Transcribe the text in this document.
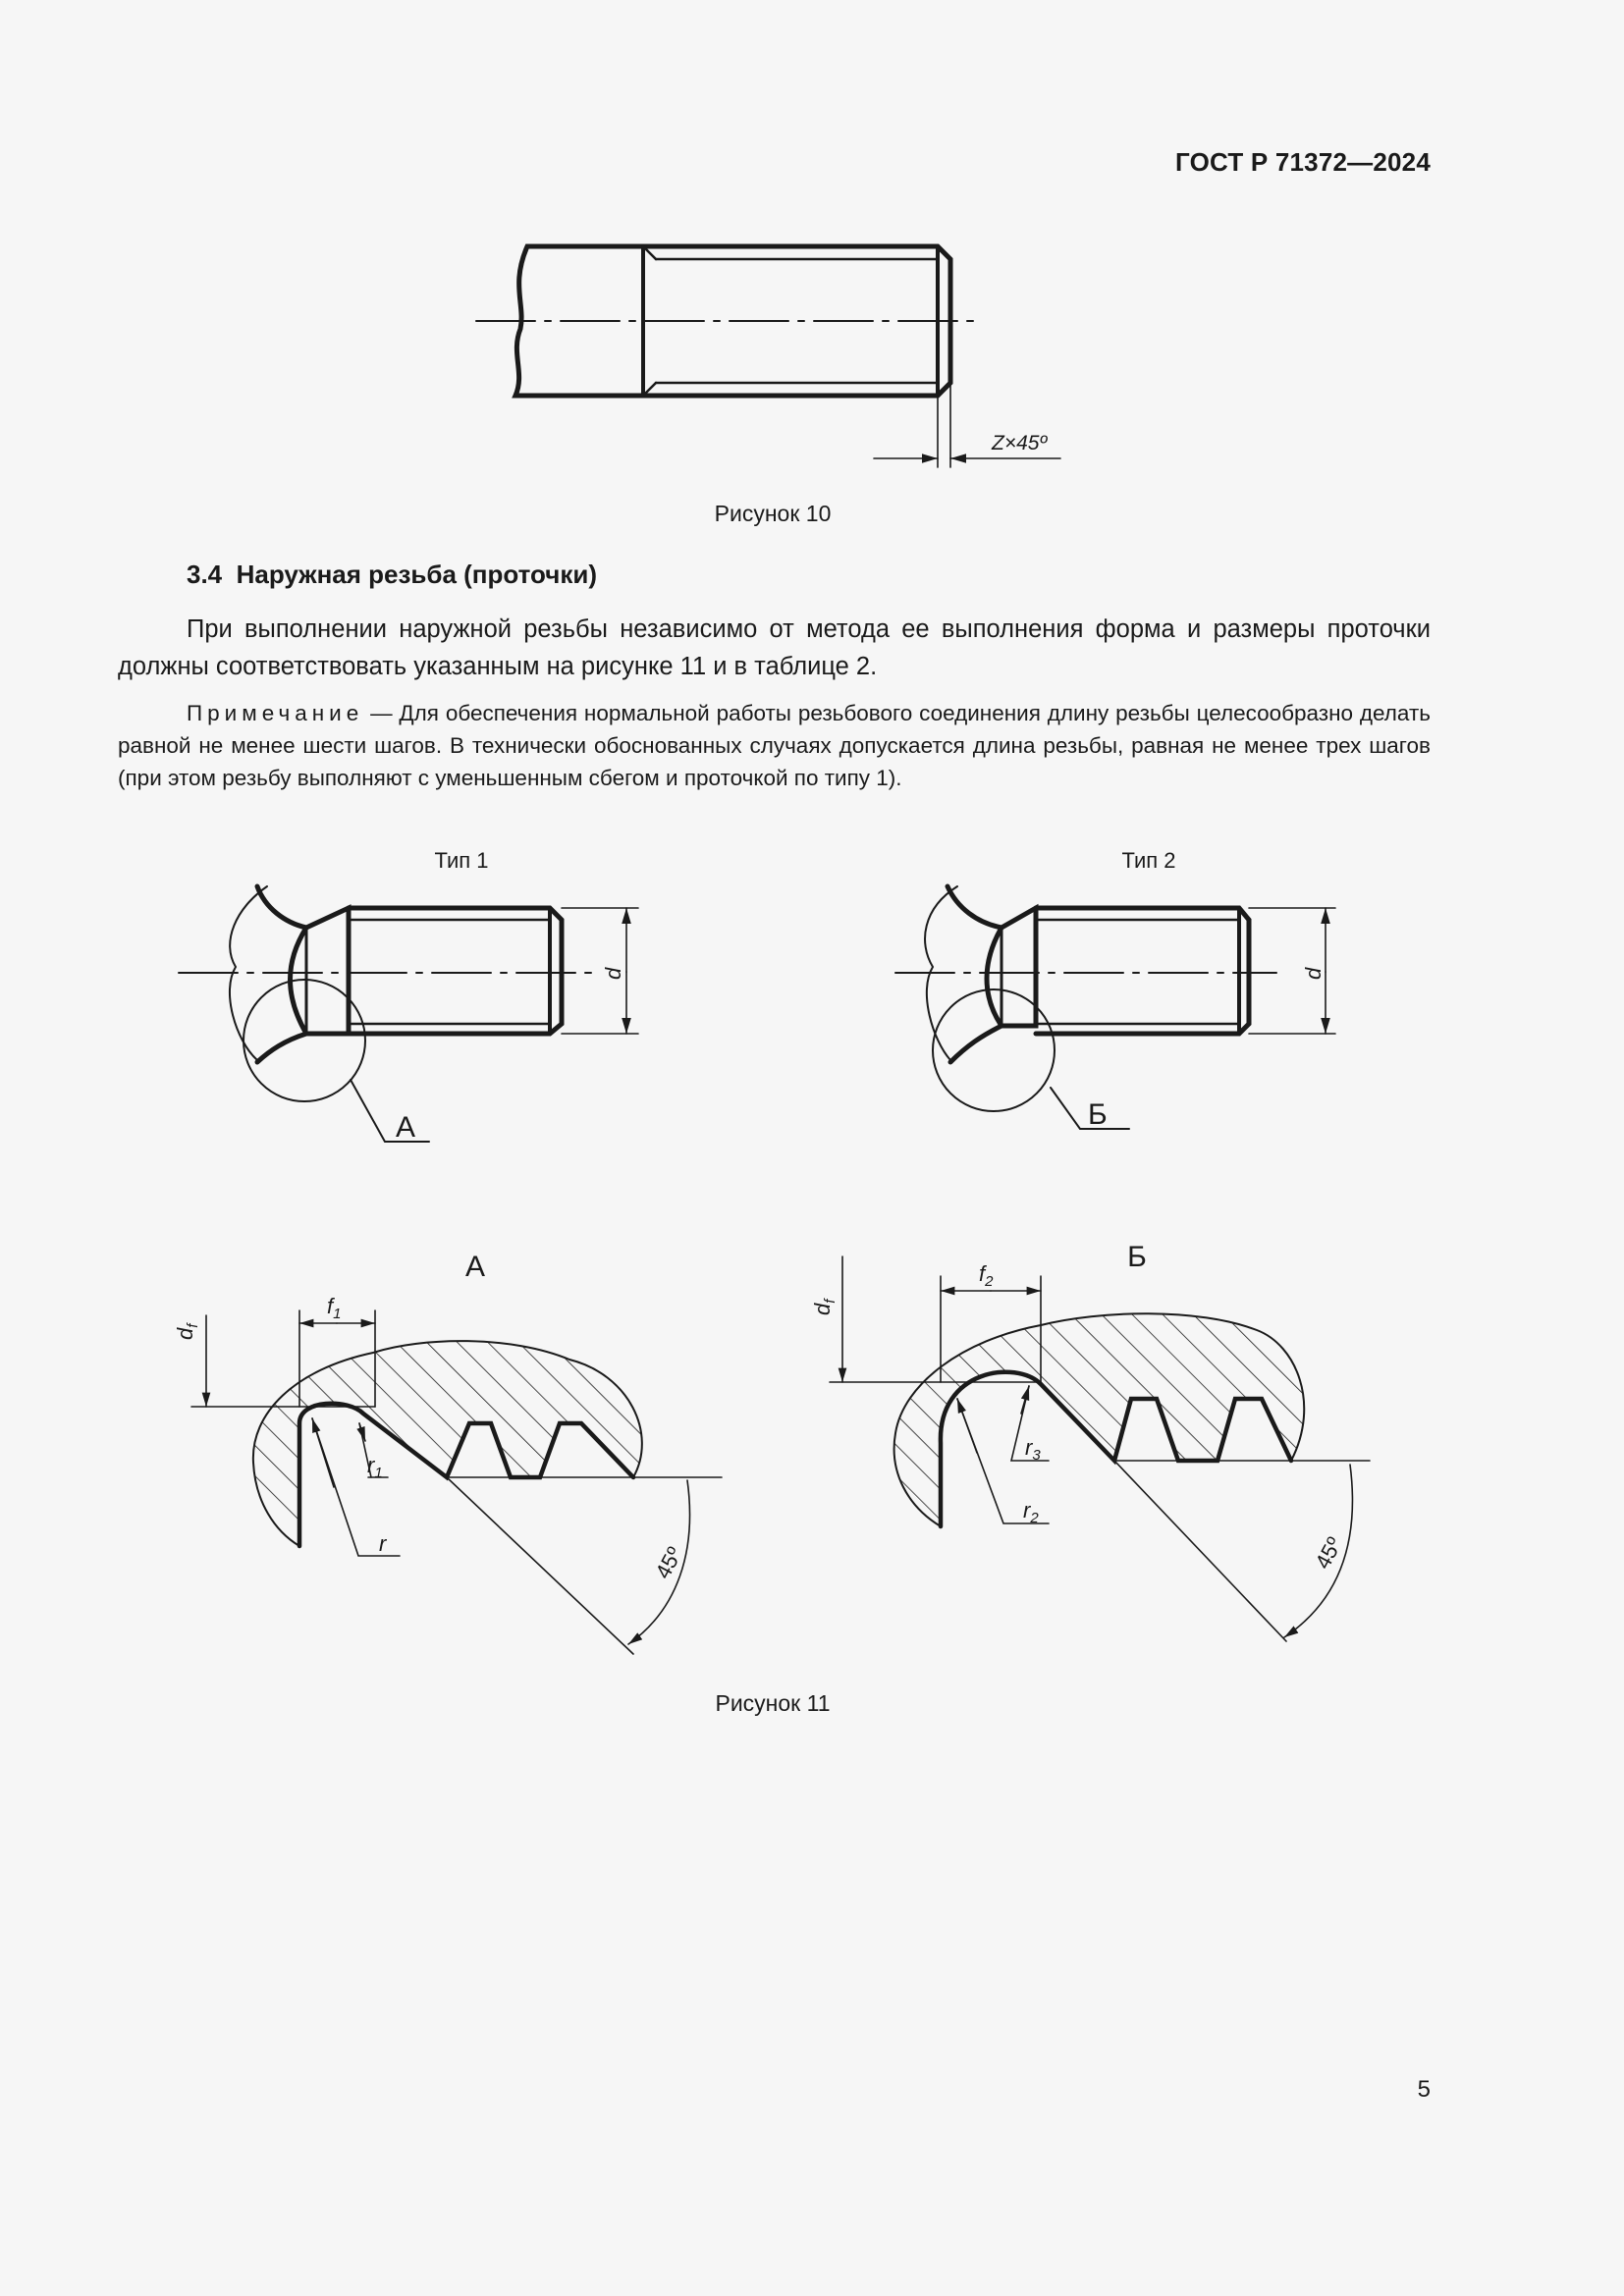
ГОСТ Р 71372—2024
Z×45º
Рисунок 10
3.4 Наружная резьба (проточки)
При выполнении наружной резьбы независимо от метода ее выполнения форма и размеры проточки должны соответствовать указанным на рисунке 11 и в таблице 2.
Примечание — Для обеспечения нормальной работы резьбового соединения длину резьбы целесообразно делать равной не менее шести шагов. В технически обоснованных случаях допускается длина резьбы, равная не менее трех шагов (при этом резьбу выполняют с уменьшенным сбегом и проточкой по типу 1).
Тип 1
d
А
Тип 2
d
Б
А
$d_f$
$f_1$
$r_1$
r	45º
Б
$d_f$
$f_2$
$r_3$
$r_2$
45º
Рисунок 11
5
